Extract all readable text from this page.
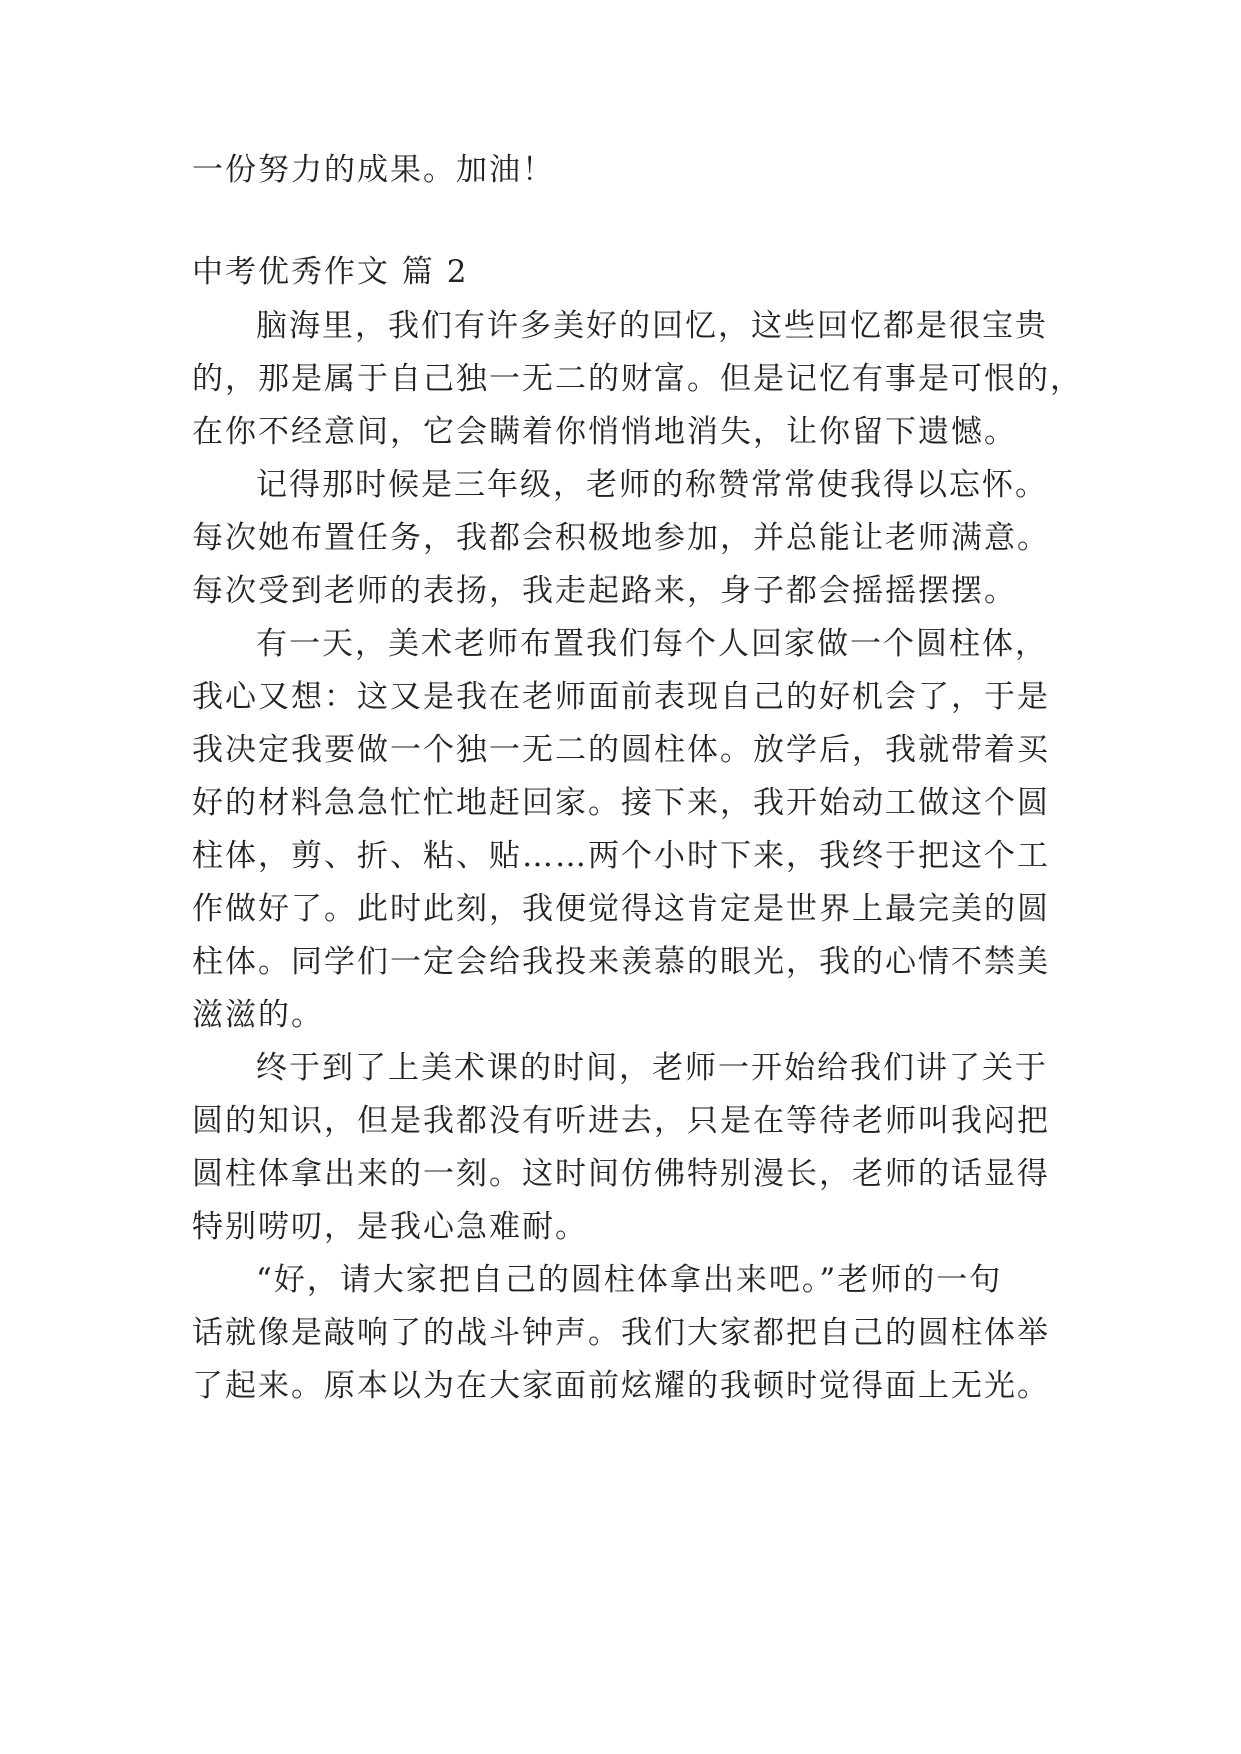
一份努力的成果。加油！
中考优秀作文 篇 2
脑海里，我们有许多美好的回忆，这些回忆都是很宝贵
的，那是属于自己独一无二的财富。但是记忆有事是可恨的，
在你不经意间，它会瞒着你悄悄地消失，让你留下遗憾。
记得那时候是三年级，老师的称赞常常使我得以忘怀。
每次她布置任务，我都会积极地参加，并总能让老师满意。
每次受到老师的表扬，我走起路来，身子都会摇摇摆摆。
有一天，美术老师布置我们每个人回家做一个圆柱体，
我心又想：这又是我在老师面前表现自己的好机会了，于是
我决定我要做一个独一无二的圆柱体。放学后，我就带着买
好的材料急急忙忙地赶回家。接下来，我开始动工做这个圆
柱体，剪、折、粘、贴……两个小时下来，我终于把这个工
作做好了。此时此刻，我便觉得这肯定是世界上最完美的圆
柱体。同学们一定会给我投来羡慕的眼光，我的心情不禁美
滋滋的。
终于到了上美术课的时间，老师一开始给我们讲了关于
圆的知识，但是我都没有听进去，只是在等待老师叫我闷把
圆柱体拿出来的一刻。这时间仿佛特别漫长，老师的话显得
特别唠叨，是我心急难耐。
“好，请大家把自己的圆柱体拿出来吧。”老师的一句
话就像是敲响了的战斗钟声。我们大家都把自己的圆柱体举
了起来。原本以为在大家面前炫耀的我顿时觉得面上无光。
